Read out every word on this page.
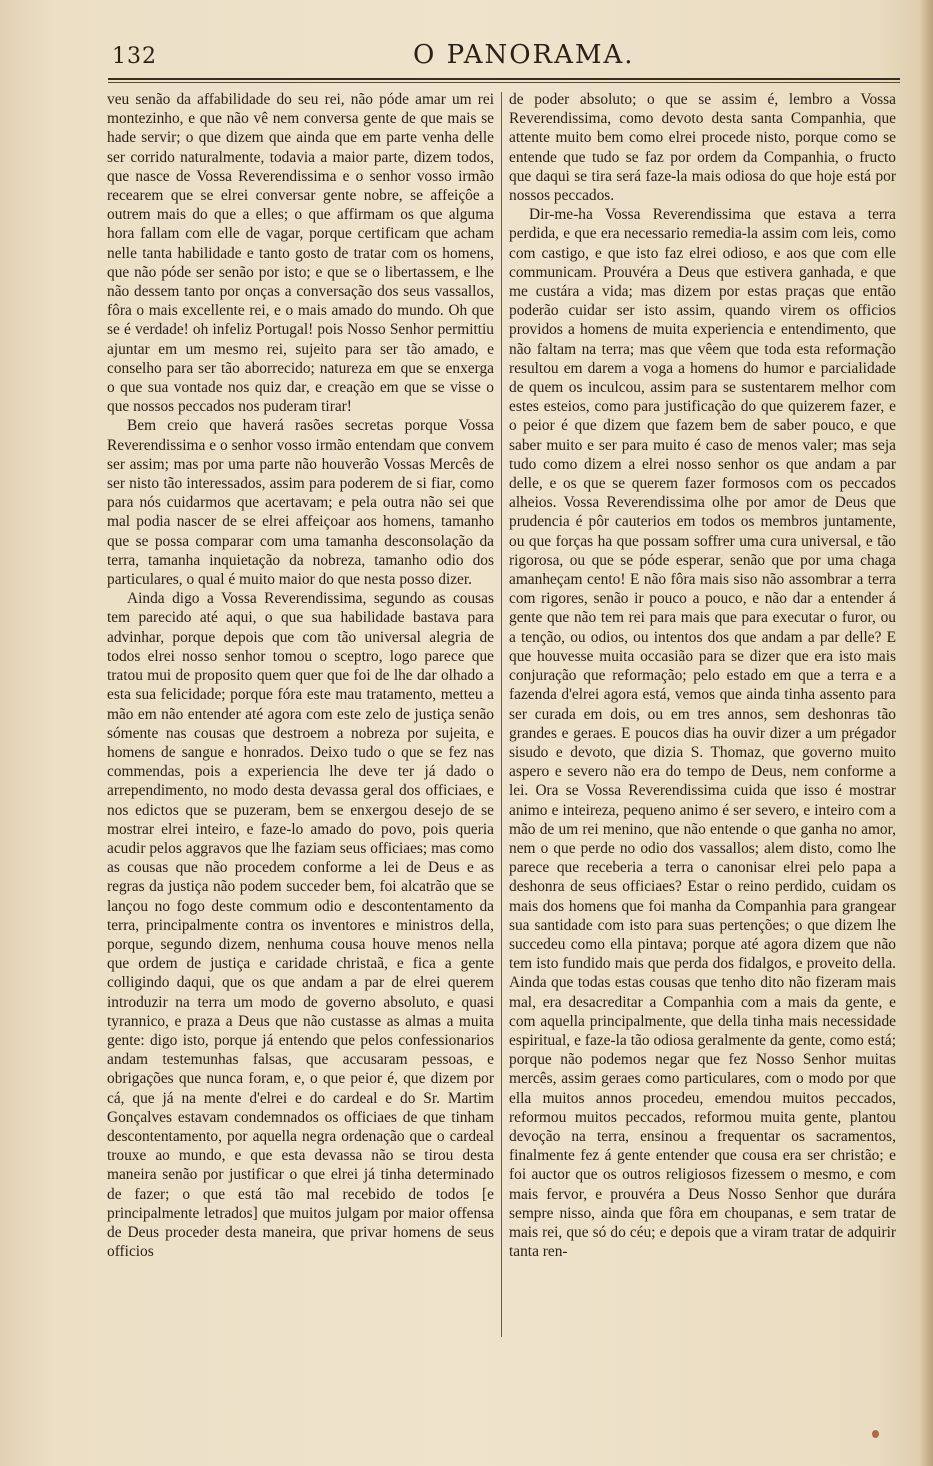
132	O PANORAMA.

veu senão da affabilidade do seu rei, não póde amar um rei montezinho, e que não vê nem conversa gente de que mais se hade servir; o que dizem que ainda que em parte venha delle ser corrido naturalmente, todavia a maior parte, dizem todos, que nasce de Vossa Reverendissima e o senhor vosso irmão recearem que se elrei conversar gente nobre, se affeiçôe a outrem mais do que a elles; o que affirmam os que alguma hora fallam com elle de vagar, porque certificam que acham nelle tanta habilidade e tanto gosto de tratar com os homens, que não póde ser senão por isto; e que se o libertassem, e lhe não dessem tanto por onças a conversação dos seus vassallos, fôra o mais excellente rei, e o mais amado do mundo. Oh que se é verdade! oh infeliz Portugal! pois Nosso Senhor permittiu ajuntar em um mesmo rei, sujeito para ser tão amado, e conselho para ser tão aborrecido; natureza em que se enxerga o que sua vontade nos quiz dar, e creação em que se visse o que nossos peccados nos puderam tirar!

Bem creio que haverá rasões secretas porque Vossa Reverendissima e o senhor vosso irmão entendam que convem ser assim; mas por uma parte não houverão Vossas Mercês de ser nisto tão interessados, assim para poderem de si fiar, como para nós cuidarmos que acertavam; e pela outra não sei que mal podia nascer de se elrei affeiçoar aos homens, tamanho que se possa comparar com uma tamanha desconsolação da terra, tamanha inquietação da nobreza, tamanho odio dos particulares, o qual é muito maior do que nesta posso dizer.

Ainda digo a Vossa Reverendissima, segundo as cousas tem parecido até aqui, o que sua habilidade bastava para advinhar, porque depois que com tão universal alegria de todos elrei nosso senhor tomou o sceptro, logo parece que tratou mui de proposito quem quer que foi de lhe dar olhado a esta sua felicidade; porque fóra este mau tratamento, metteu a mão em não entender até agora com este zelo de justiça senão sómente nas cousas que destroem a nobreza por sujeita, e homens de sangue e honrados. Deixo tudo o que se fez nas commendas, pois a experiencia lhe deve ter já dado o arrependimento, no modo desta devassa geral dos officiaes, e nos edictos que se puzeram, bem se enxergou desejo de se mostrar elrei inteiro, e faze-lo amado do povo, pois queria acudir pelos aggravos que lhe faziam seus officiaes; mas como as cousas que não procedem conforme a lei de Deus e as regras da justiça não podem succeder bem, foi alcatrão que se lançou no fogo deste commum odio e descontentamento da terra, principalmente contra os inventores e ministros della, porque, segundo dizem, nenhuma cousa houve menos nella que ordem de justiça e caridade christaã, e fica a gente colligindo daqui, que os que andam a par de elrei querem introduzir na terra um modo de governo absoluto, e quasi tyrannico, e praza a Deus que não custasse as almas a muita gente: digo isto, porque já entendo que pelos confessionarios andam testemunhas falsas, que accusaram pessoas, e obrigações que nunca foram, e, o que peior é, que dizem por cá, que já na mente d'elrei e do cardeal e do Sr. Martim Gonçalves estavam condemnados os officiaes de que tinham descontentamento, por aquella negra ordenação que o cardeal trouxe ao mundo, e que esta devassa não se tirou desta maneira senão por justificar o que elrei já tinha determinado de fazer; o que está tão mal recebido de todos [e principalmente letrados] que muitos julgam por maior offensa de Deus proceder desta maneira, que privar homens de seus officios

de poder absoluto; o que se assim é, lembro a Vossa Reverendissima, como devoto desta santa Companhia, que attente muito bem como elrei procede nisto, porque como se entende que tudo se faz por ordem da Companhia, o fructo que daqui se tira será faze-la mais odiosa do que hoje está por nossos peccados.

Dir-me-ha Vossa Reverendissima que estava a terra perdida, e que era necessario remedia-la assim com leis, como com castigo, e que isto faz elrei odioso, e aos que com elle communicam. Prouvéra a Deus que estivera ganhada, e que me custára a vida; mas dizem por estas praças que então poderão cuidar ser isto assim, quando virem os officios providos a homens de muita experiencia e entendimento, que não faltam na terra; mas que vêem que toda esta reformação resultou em darem a voga a homens do humor e parcialidade de quem os inculcou, assim para se sustentarem melhor com estes esteios, como para justificação do que quizerem fazer, e o peior é que dizem que fazem bem de saber pouco, e que saber muito e ser para muito é caso de menos valer; mas seja tudo como dizem a elrei nosso senhor os que andam a par delle, e os que se querem fazer formosos com os peccados alheios. Vossa Reverendissima olhe por amor de Deus que prudencia é pôr cauterios em todos os membros juntamente, ou que forças ha que possam soffrer uma cura universal, e tão rigorosa, ou que se póde esperar, senão que por uma chaga amanheçam cento! E não fôra mais siso não assombrar a terra com rigores, senão ir pouco a pouco, e não dar a entender á gente que não tem rei para mais que para executar o furor, ou a tenção, ou odios, ou intentos dos que andam a par delle? E que houvesse muita occasião para se dizer que era isto mais conjuração que reformação; pelo estado em que a terra e a fazenda d'elrei agora está, vemos que ainda tinha assento para ser curada em dois, ou em tres annos, sem deshonras tão grandes e geraes. E poucos dias ha ouvir dizer a um prégador sisudo e devoto, que dizia S. Thomaz, que governo muito aspero e severo não era do tempo de Deus, nem conforme a lei. Ora se Vossa Reverendissima cuida que isso é mostrar animo e inteireza, pequeno animo é ser severo, e inteiro com a mão de um rei menino, que não entende o que ganha no amor, nem o que perde no odio dos vassallos; alem disto, como lhe parece que receberia a terra o canonisar elrei pelo papa a deshonra de seus officiaes? Estar o reino perdido, cuidam os mais dos homens que foi manha da Companhia para grangear sua santidade com isto para suas pertenções; o que dizem lhe succedeu como ella pintava; porque até agora dizem que não tem isto fundido mais que perda dos fidalgos, e proveito della. Ainda que todas estas cousas que tenho dito não fizeram mais mal, era desacreditar a Companhia com a mais da gente, e com aquella principalmente, que della tinha mais necessidade espiritual, e faze-la tão odiosa geralmente da gente, como está; porque não podemos negar que fez Nosso Senhor muitas mercês, assim geraes como particulares, com o modo por que ella muitos annos procedeu, emendou muitos peccados, reformou muitos peccados, reformou muita gente, plantou devoção na terra, ensinou a frequentar os sacramentos, finalmente fez á gente entender que cousa era ser christão; e foi auctor que os outros religiosos fizessem o mesmo, e com mais fervor, e prouvéra a Deus Nosso Senhor que durára sempre nisso, ainda que fôra em choupanas, e sem tratar de mais rei, que só do céu; e depois que a viram tratar de adquirir tanta ren-
